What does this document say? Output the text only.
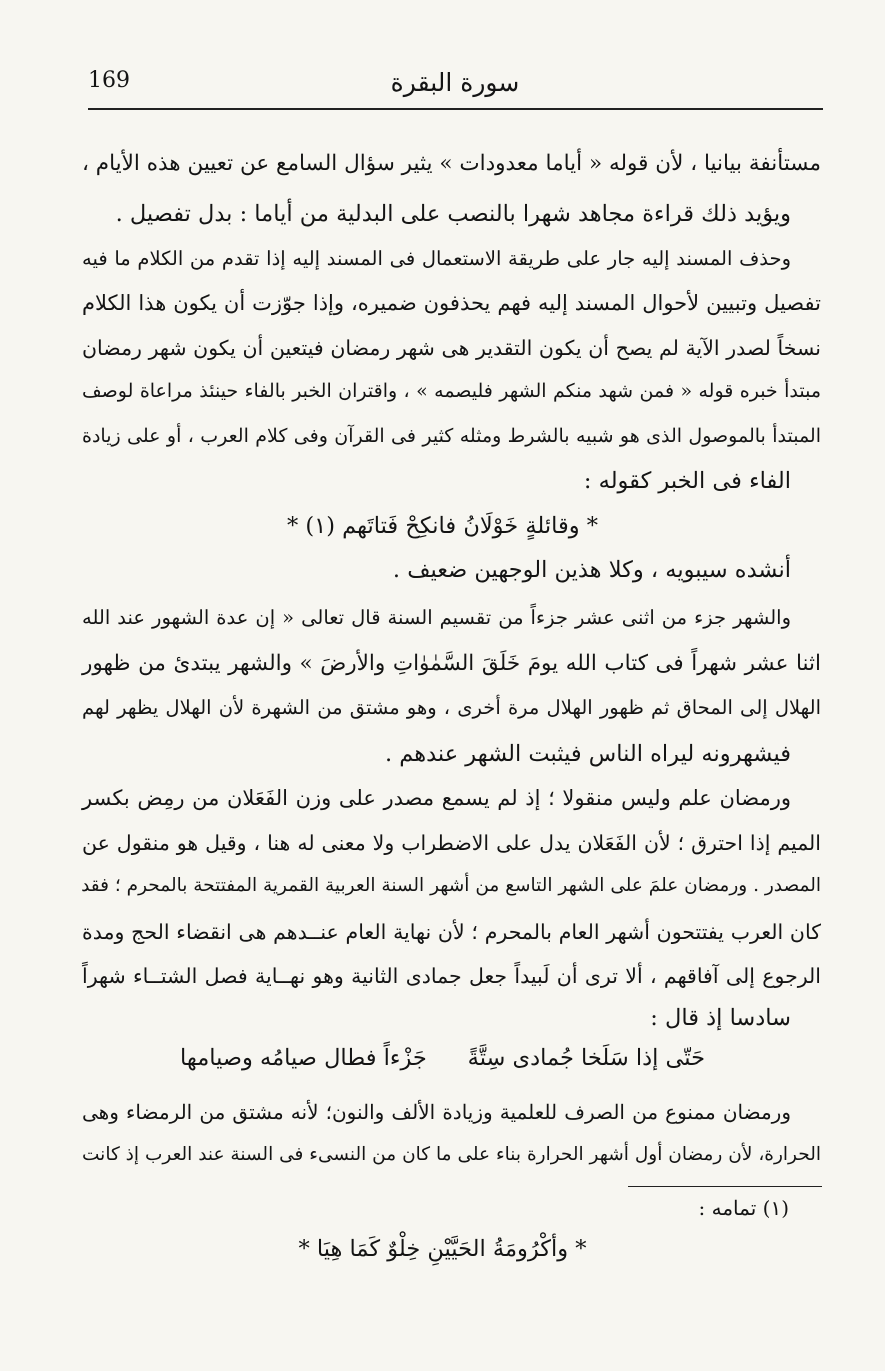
169	سورة البقرة
مستأنفة بيانيا ، لأن قوله « أياما معدودات » يثير سؤال السامع عن تعيين هذه الأيام ،
ويؤيد ذلك قراءة مجاهد شهرا بالنصب على البدلية من أياما : بدل تفصيل .
وحذف المسند إليه جار على طريقة الاستعمال فى المسند إليه إذا تقدم من الكلام ما فيه
تفصيل وتبيين لأحوال المسند إليه فهم يحذفون ضميره، وإذا جوّزت أن يكون هذا الكلام
نسخاً لصدر الآية لم يصح أن يكون التقدير هى شهر رمضان فيتعين أن يكون شهر رمضان
مبتدأ خبره قوله « فمن شهد منكم الشهر فليصمه » ، واقتران الخبر بالفاء حينئذ مراعاة لوصف
المبتدأ بالموصول الذى هو شبيه بالشرط ومثله كثير فى القرآن وفى كلام العرب ، أو على زيادة
الفاء فى الخبر كقوله :
* وقائلةٍ خَوْلَانُ فانكِحْ فَتاتَهم (١) *
أنشده سيبويه ، وكلا هذين الوجهين ضعيف .
والشهر جزء من اثنى عشر جزءاً من تقسيم السنة قال تعالى « إن عدة الشهور عند الله
اثنا عشر شهراً فى كتاب الله يومَ خَلَقَ السَّمٰوٰاتِ والأرضَ » والشهر يبتدئ من ظهور
الهلال إلى المحاق ثم ظهور الهلال مرة أخرى ، وهو مشتق من الشهرة لأن الهلال يظهر لهم
فيشهرونه ليراه الناس فيثبت الشهر عندهم .
ورمضان علم وليس منقولا ؛ إذ لم يسمع مصدر على وزن الفَعَلان من رمِض بكسر
الميم إذا احترق ؛ لأن الفَعَلان يدل على الاضطراب ولا معنى له هنا ، وقيل هو منقول عن
المصدر . ورمضان علمَ على الشهر التاسع من أشهر السنة العربية القمرية المفتتحة بالمحرم ؛ فقد
كان العرب يفتتحون أشهر العام بالمحرم ؛ لأن نهاية العام عنــدهم هى انقضاء الحج ومدة
الرجوع إلى آفاقهم ، ألا ترى أن لَبيداً جعل جمادى الثانية وهو نهــاية فصل الشتــاء شهراً
سادسا إذ قال :
حَتّى إذا سَلَخا جُمادى سِتَّةً
جَزْءاً فطال صيامُه وصيامها
ورمضان ممنوع من الصرف للعلمية وزيادة الألف والنون؛ لأنه مشتق من الرمضاء وهى
الحرارة، لأن رمضان أول أشهر الحرارة بناء على ما كان من النسىء فى السنة عند العرب إذ كانت
(١) تمامه :
* وأكْرُومَةُ الحَيَّيْنِ خِلْوٌ كَمَا هِيَا *
